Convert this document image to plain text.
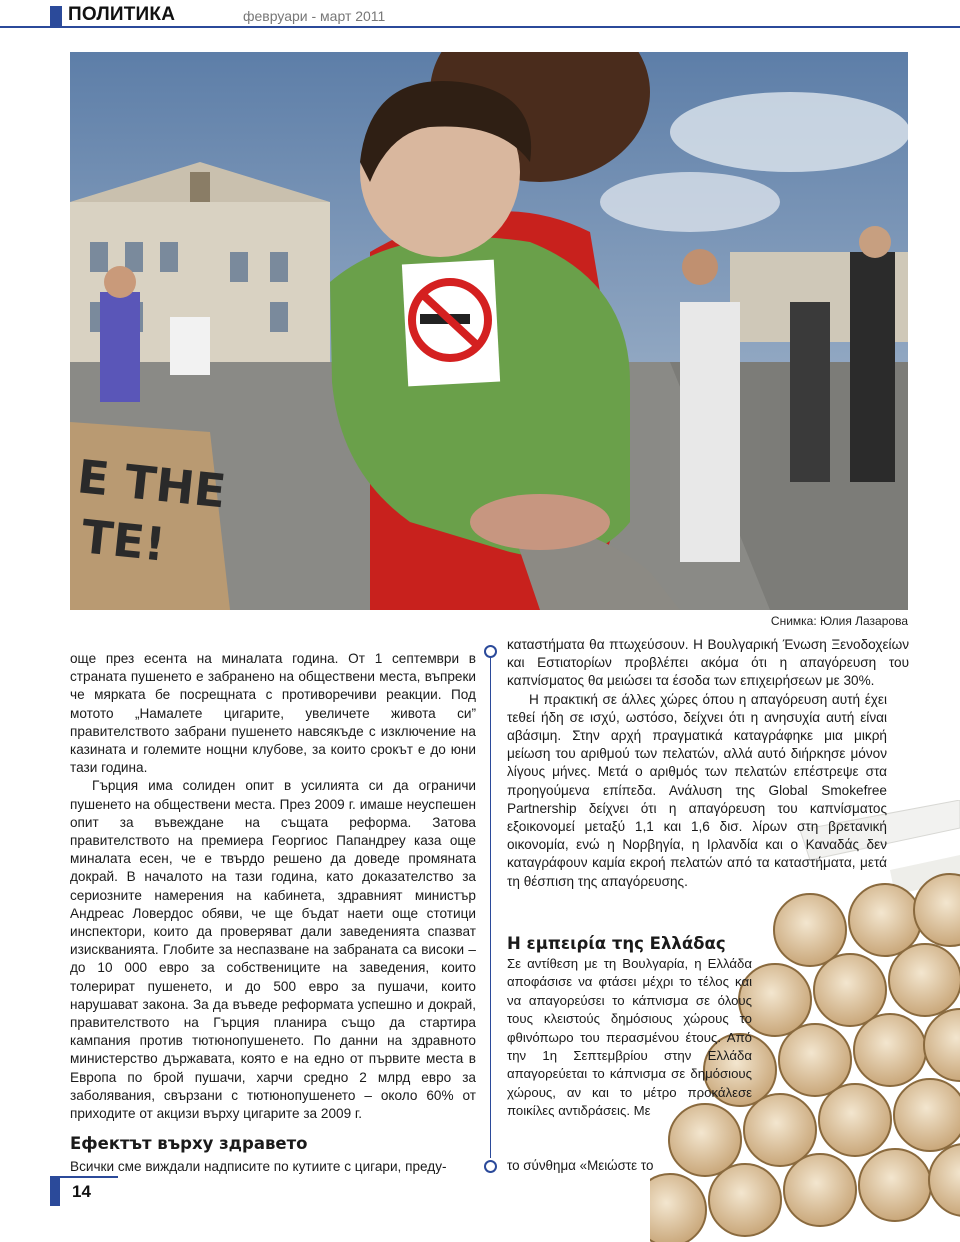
ПОЛИТИКА	февруари - март 2011
E THE
TE!
Снимка: Юлия Лазарова

още през есента на миналата година. От 1 септември в страната пушенето е забранено на обществени места, въпреки че мярката бе посрещната с противоречиви реакции. Под мотото „Намалете цигарите, увеличете живота си” правителството забрани пушенето навсякъде с изключение на казината и големите нощни клубове, за които срокът е до юни тази година.

Гърция има солиден опит в усилията си да ограничи пушенето на обществени места. През 2009 г. имаше неуспешен опит за въвеждане на същата реформа. Затова правителството на премиера Георгиос Папандреу каза още миналата есен, че е твърдо решено да доведе промяната докрай. В началото на тази година, като доказателство за сериозните намерения на кабинета, здравният министър Андреас Ловердос обяви, че ще бъдат наети още стотици инспектори, които да проверяват дали заведенията спазват изискванията. Глобите за неспазване на забраната са високи – до 10 000 евро за собствениците на заведения, които толерират пушенето, и до 500 евро за пушачи, които нарушават закона. За да въведе реформата успешно и докрай, правителството на Гърция планира също да стартира кампания против тютюнопушенето. По данни на здравното министерство държавата, която е на едно от първите места в Европа по брой пушачи, харчи средно 2 млрд евро за заболявания, свързани с тютюнопушенето – около 60% от приходите от акцизи върху цигарите за 2009 г.

Ефектът върху здравето
Всички сме виждали надписите по кутиите с цигари, преду-

καταστήματα θα πτωχεύσουν. Η Βουλγαρική Ένωση Ξενοδοχείων και Εστιατορίων προβλέπει ακόμα ότι η απαγόρευση του καπνίσματος θα μειώσει τα έσοδα των επιχειρήσεων με 30%.

Η πρακτική σε άλλες χώρες όπου η απαγόρευση αυτή έχει τεθεί ήδη σε ισχύ, ωστόσο, δείχνει ότι η ανησυχία αυτή είναι αβάσιμη. Στην αρχή πραγματικά καταγράφηκε μια μικρή μείωση του αριθμού των πελατών, αλλά αυτό διήρκησε μόνον λίγους μήνες. Μετά ο αριθμός των πελατών επέστρεψε στα προηγούμενα επίπεδα. Ανάλυση της Global Smokefree Partnership δείχνει ότι η απαγόρευση του καπνίσματος εξοικονομεί μεταξύ 1,1 και 1,6 δισ. λίρων στη βρετανική οικονομία, ενώ η Νορβηγία, η Ιρλανδία και ο Καναδάς δεν καταγράφουν καμία εκροή πελατών από τα καταστήματα, μετά τη θέσπιση της απαγόρευσης.

Η εμπειρία της Ελλάδας

Σε αντίθεση με τη Βουλγαρία, η Ελλάδα αποφάσισε να φτάσει μέχρι το τέλος και να απαγορεύσει το κάπνισμα σε όλους τους κλειστούς δημόσιους χώρους το φθινόπωρο του περασμένου έτους. Από την 1η Σεπτεμβρίου στην Ελλάδα απαγορεύεται το κάπνισμα σε δημόσιους χώρους, αν και το μέτρο προκάλεσε ποικίλες αντιδράσεις. Με

το σύνθημα «Μειώστε το
14
